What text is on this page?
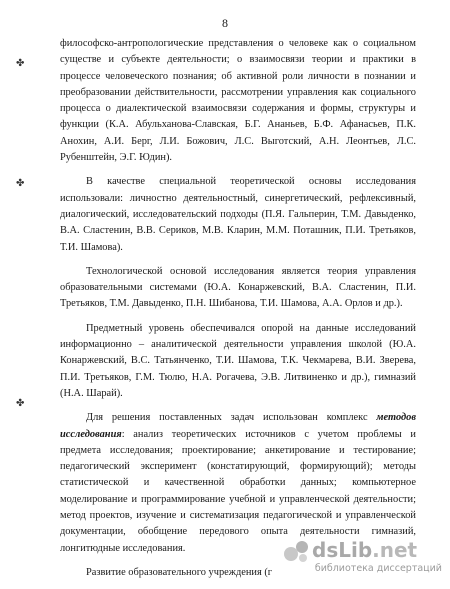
8
✤
✤
✤

философско-антропологические представления о человеке как о социальном существе и субъекте деятельности; о взаимосвязи теории и практики в процессе человеческого познания; об активной роли личности в познании и преобразовании действительности, рассмотрении управления как социального процесса о диалектической взаимосвязи содержания и формы, структуры и функции (К.А. Абульханова-Славская, Б.Г. Ананьев, Б.Ф. Афанасьев, П.К. Анохин, А.И. Берг, Л.И. Божович, Л.С. Выготский, А.Н. Леонтьев, Л.С. Рубенштейн, Э.Г. Юдин).

В качестве специальной теоретической основы исследования использовали: личностно деятельностный, синергетический, рефлексивный, диалогический, исследовательский подходы (П.Я. Гальперин, Т.М. Давыденко, В.А. Сластенин, В.В. Сериков, М.В. Кларин, М.М. Поташник, П.И. Третьяков, Т.И. Шамова).

Технологической основой исследования является теория управления образовательными системами (Ю.А. Конаржевский, В.А. Сластенин, П.И. Третьяков, Т.М. Давыденко, П.Н. Шибанова, Т.И. Шамова, А.А. Орлов и др.).

Предметный уровень обеспечивался опорой на данные исследований информационно – аналитической деятельности управления школой (Ю.А. Конаржевский, В.С. Татьянченко, Т.И. Шамова, Т.К. Чекмарева, В.И. Зверева, П.И. Третьяков, Г.М. Тюлю, Н.А. Рогачева, Э.В. Литвиненко и др.), гимназий (Н.А. Шарай).

Для решения поставленных задач использован комплекс методов исследования: анализ теоретических источников с учетом проблемы и предмета исследования; проектирование; анкетирование и тестирование; педагогический эксперимент (констатирующий, формирующий); методы статистической и качественной обработки данных; компьютерное моделирование и программирование учебной и управленческой деятельности; метод проектов, изучение и систематизация педагогической и управленческой документации, обобщение передового опыта деятельности гимназий, лонгитюдные исследования.

Развитие образовательного учреждения (г

dsLib.net
библиотека диссертаций
